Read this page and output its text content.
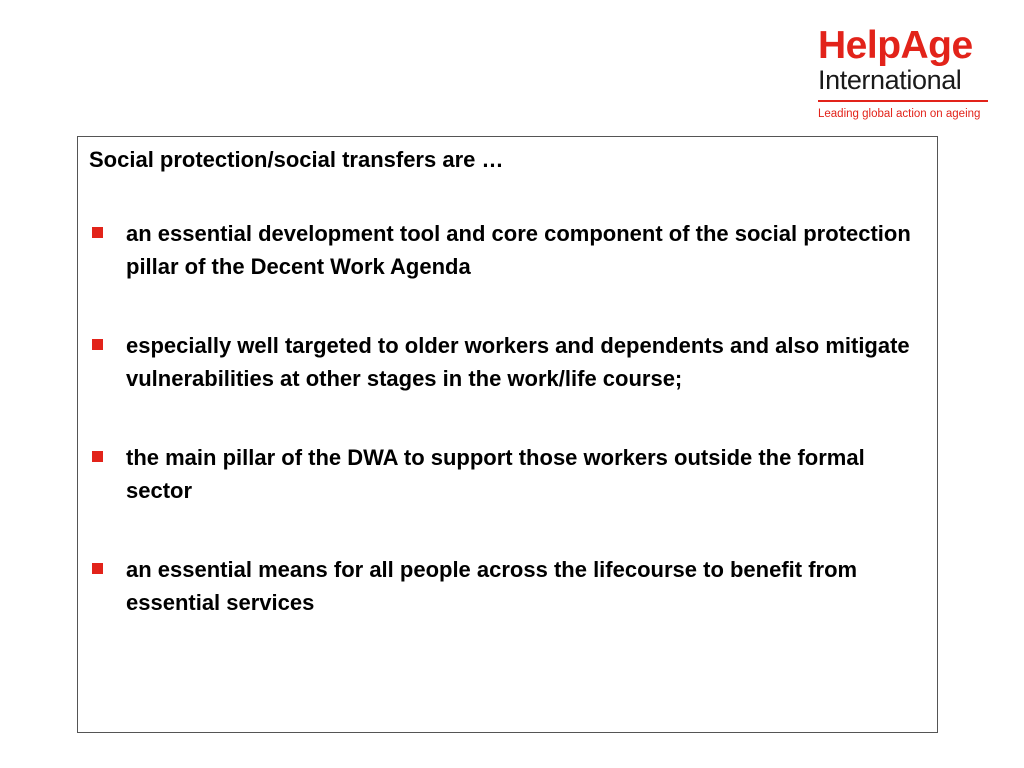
HelpAge
International
Leading global action on ageing

Social protection/social transfers are …

an essential development tool and core component of the social protection pillar of the Decent Work Agenda
especially well targeted to older workers and dependents and also mitigate vulnerabilities at other stages in the work/life course;
the main pillar of the DWA to support those workers outside the formal sector
an essential means for all people across the lifecourse to benefit from essential services
